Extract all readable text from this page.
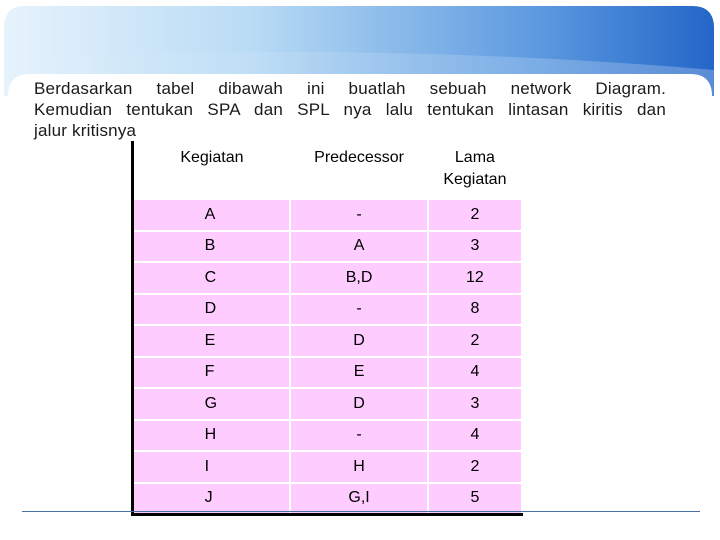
Berdasarkan tabel dibawah ini buatlah sebuah network Diagram.
Kemudian tentukan SPA dan SPL nya lalu tentukan lintasan kiritis dan
jalur kritisnya
Kegiatan	Predecessor	Lama
Kegiatan
A	-	2
B	A	3
C	B,D	12
D	-	8
E	D	2
F	E	4
G	D	3
H	-	4
I	H	2
J	G,I	5
